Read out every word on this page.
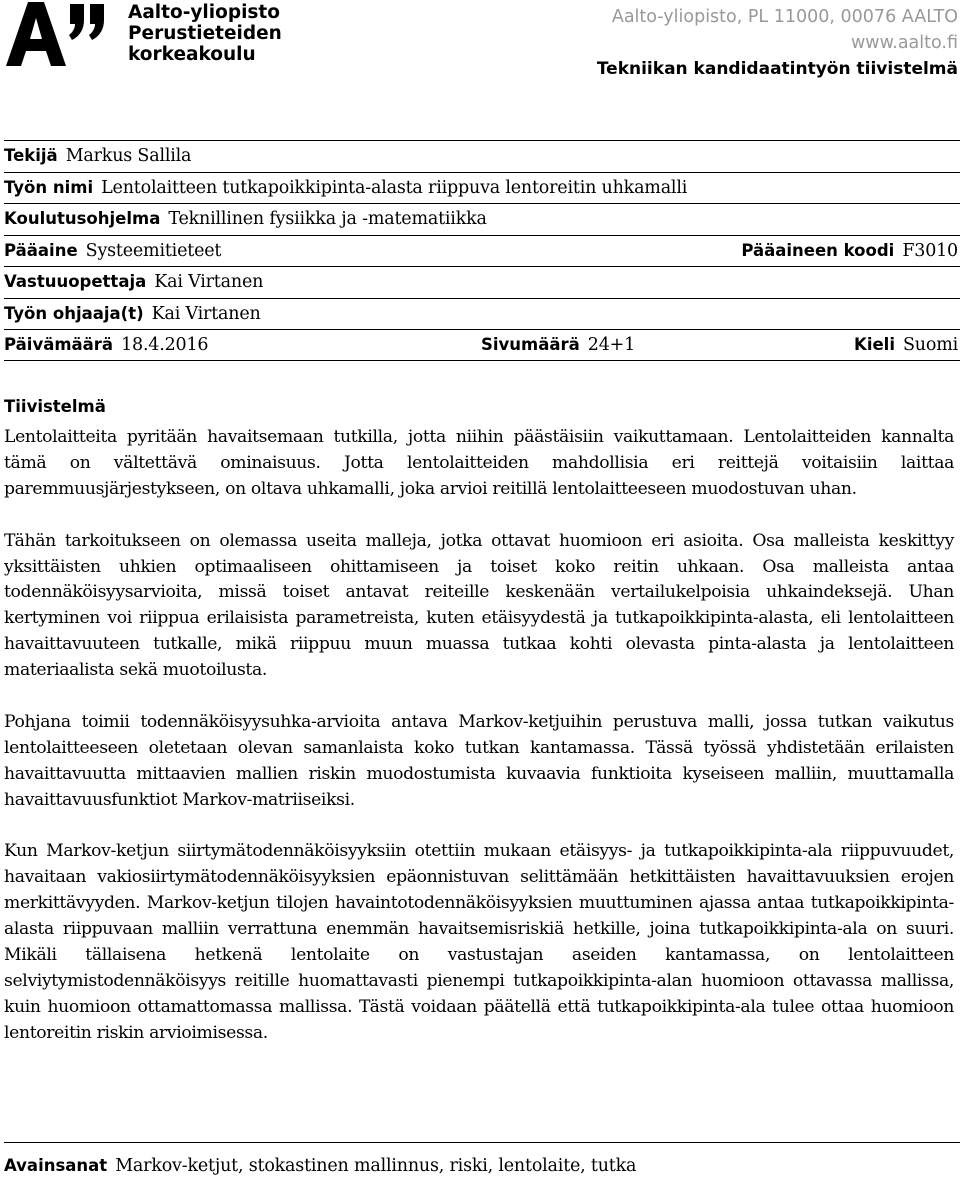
Aalto-yliopisto
Perustieteiden
korkeakoulu
Aalto-yliopisto, PL 11000, 00076 AALTO
www.aalto.fi
Tekniikan kandidaatintyön tiivistelmä
Tekijä Markus Sallila
Työn nimi Lentolaitteen tutkapoikkipinta-alasta riippuva lentoreitin uhkamalli
Koulutusohjelma Teknillinen fysiikka ja -matematiikka
Pääaine Systeemitieteet	Pääaineen koodi F3010
Vastuuopettaja Kai Virtanen
Työn ohjaaja(t) Kai Virtanen
Päivämäärä 18.4.2016	Sivumäärä 24+1	Kieli Suomi
Tiivistelmä

Lentolaitteita pyritään havaitsemaan tutkilla, jotta niihin päästäisiin vaikuttamaan. Lentolaitteiden kannalta tämä on vältettävä ominaisuus. Jotta lentolaitteiden mahdollisia eri reittejä voitaisiin laittaa paremmuusjärjestykseen, on oltava uhkamalli, joka arvioi reitillä lentolaitteeseen muodostuvan uhan.

Tähän tarkoitukseen on olemassa useita malleja, jotka ottavat huomioon eri asioita. Osa malleista keskittyy yksittäisten uhkien optimaaliseen ohittamiseen ja toiset koko reitin uhkaan. Osa malleista antaa todennäköisyysarvioita, missä toiset antavat reiteille keskenään vertailukelpoisia uhkaindeksejä. Uhan kertyminen voi riippua erilaisista parametreista, kuten etäisyydestä ja tutkapoikkipinta-alasta, eli lentolaitteen havaittavuuteen tutkalle, mikä riippuu muun muassa tutkaa kohti olevasta pinta-alasta ja lentolaitteen materiaalista sekä muotoilusta.

Pohjana toimii todennäköisyysuhka-arvioita antava Markov-ketjuihin perustuva malli, jossa tutkan vaikutus lentolaitteeseen oletetaan olevan samanlaista koko tutkan kantamassa. Tässä työssä yhdistetään erilaisten havaittavuutta mittaavien mallien riskin muodostumista kuvaavia funktioita kyseiseen malliin, muuttamalla havaittavuusfunktiot Markov-matriiseiksi.

Kun Markov-ketjun siirtymätodennäköisyyksiin otettiin mukaan etäisyys- ja tutkapoikkipinta-ala riippuvuudet, havaitaan vakiosiirtymätodennäköisyyksien epäonnistuvan selittämään hetkittäisten havaittavuuksien erojen merkittävyyden. Markov-ketjun tilojen havaintotodennäköisyyksien muuttuminen ajassa antaa tutkapoikkipinta-alasta riippuvaan malliin verrattuna enemmän havaitsemisriskiä hetkille, joina tutkapoikkipinta-ala on suuri. Mikäli tällaisena hetkenä lentolaite on vastustajan aseiden kantamassa, on lentolaitteen selviytymistodennäköisyys reitille huomattavasti pienempi tutkapoikkipinta-alan huomioon ottavassa mallissa, kuin huomioon ottamattomassa mallissa. Tästä voidaan päätellä että tutkapoikkipinta-ala tulee ottaa huomioon lentoreitin riskin arvioimisessa.

Avainsanat Markov-ketjut, stokastinen mallinnus, riski, lentolaite, tutka
